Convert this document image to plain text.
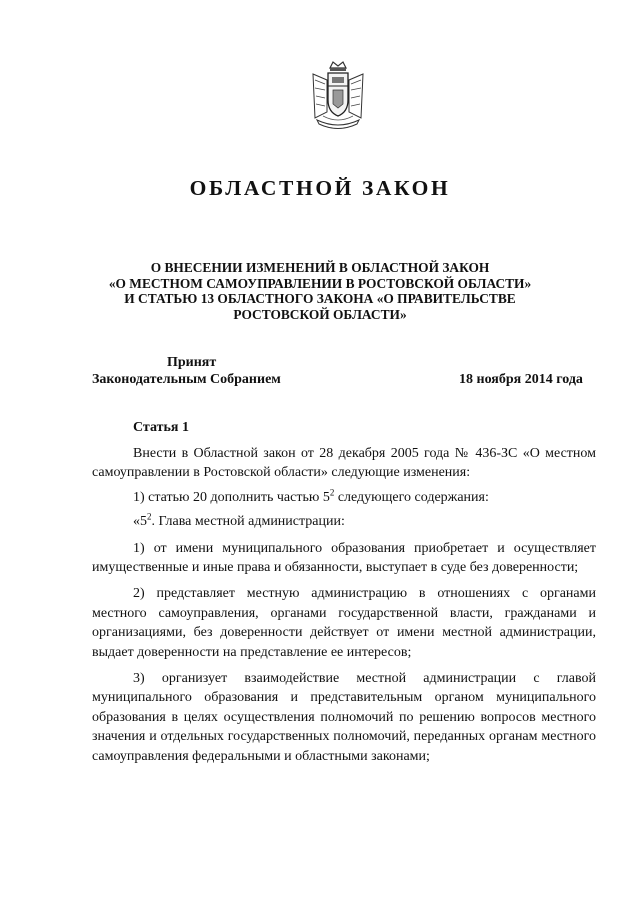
ОБЛАСТНОЙ ЗАКОН
О ВНЕСЕНИИ ИЗМЕНЕНИЙ В ОБЛАСТНОЙ ЗАКОН
«О МЕСТНОМ САМОУПРАВЛЕНИИ В РОСТОВСКОЙ ОБЛАСТИ»
И СТАТЬЮ 13 ОБЛАСТНОГО ЗАКОНА «О ПРАВИТЕЛЬСТВЕ
РОСТОВСКОЙ ОБЛАСТИ»
Принят
Законодательным Собранием	18 ноября 2014 года
Статья 1

Внести в Областной закон от 28 декабря 2005 года № 436-ЗС «О местном самоуправлении в Ростовской области» следующие изменения:

1) статью 20 дополнить частью $5^2$ следующего содержания:

«$5^2$. Глава местной администрации:

1) от имени муниципального образования приобретает и осуществляет имущественные и иные права и обязанности, выступает в суде без доверенности;

2) представляет местную администрацию в отношениях с органами местного самоуправления, органами государственной власти, гражданами и организациями, без доверенности действует от имени местной администрации, выдает доверенности на представление ее интересов;

3) организует взаимодействие местной администрации с главой муниципального образования и представительным органом муниципального образования в целях осуществления полномочий по решению вопросов местного значения и отдельных государственных полномочий, переданных органам местного самоуправления федеральными и областными законами;
